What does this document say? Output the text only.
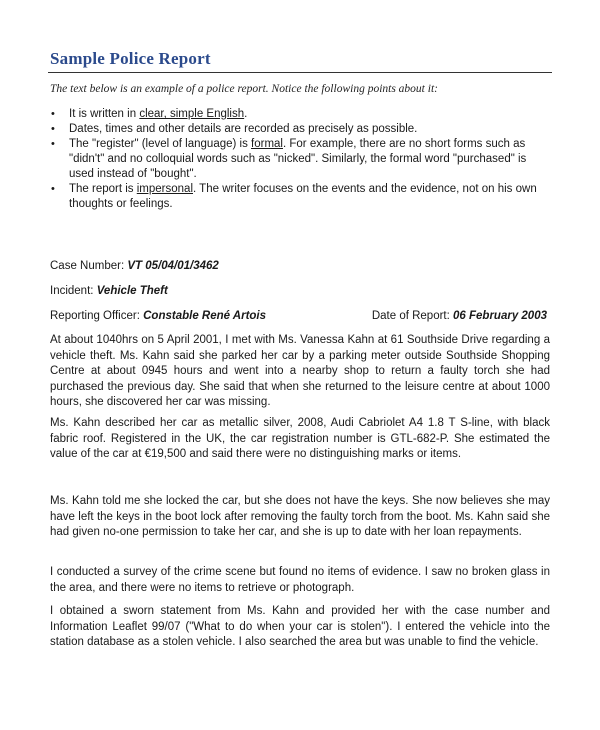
Sample Police Report
The text below is an example of a police report. Notice the following points about it:
• It is written in clear, simple English.
• Dates, times and other details are recorded as precisely as possible.
• The "register" (level of language) is formal. For example, there are no short forms such as "didn't" and no colloquial words such as "nicked". Similarly, the formal word "purchased" is used instead of "bought".
• The report is impersonal. The writer focuses on the events and the evidence, not on his own thoughts or feelings.
Case Number: VT 05/04/01/3462
Incident: Vehicle Theft
Reporting Officer: Constable René Artois	Date of Report: 06 February 2003

At about 1040hrs on 5 April 2001, I met with Ms. Vanessa Kahn at 61 Southside Drive regarding a vehicle theft. Ms. Kahn said she parked her car by a parking meter outside Southside Shopping Centre at about 0945 hours and went into a nearby shop to return a faulty torch she had purchased the previous day. She said that when she returned to the leisure centre at about 1000 hours, she discovered her car was missing.

Ms. Kahn described her car as metallic silver, 2008, Audi Cabriolet A4 1.8 T S-line, with black fabric roof. Registered in the UK, the car registration number is GTL-682-P. She estimated the value of the car at €19,500 and said there were no distinguishing marks or items.

Ms. Kahn told me she locked the car, but she does not have the keys. She now believes she may have left the keys in the boot lock after removing the faulty torch from the boot. Ms. Kahn said she had given no-one permission to take her car, and she is up to date with her loan repayments.

I conducted a survey of the crime scene but found no items of evidence. I saw no broken glass in the area, and there were no items to retrieve or photograph.

I obtained a sworn statement from Ms. Kahn and provided her with the case number and Information Leaflet 99/07 ("What to do when your car is stolen"). I entered the vehicle into the station database as a stolen vehicle. I also searched the area but was unable to find the vehicle.
